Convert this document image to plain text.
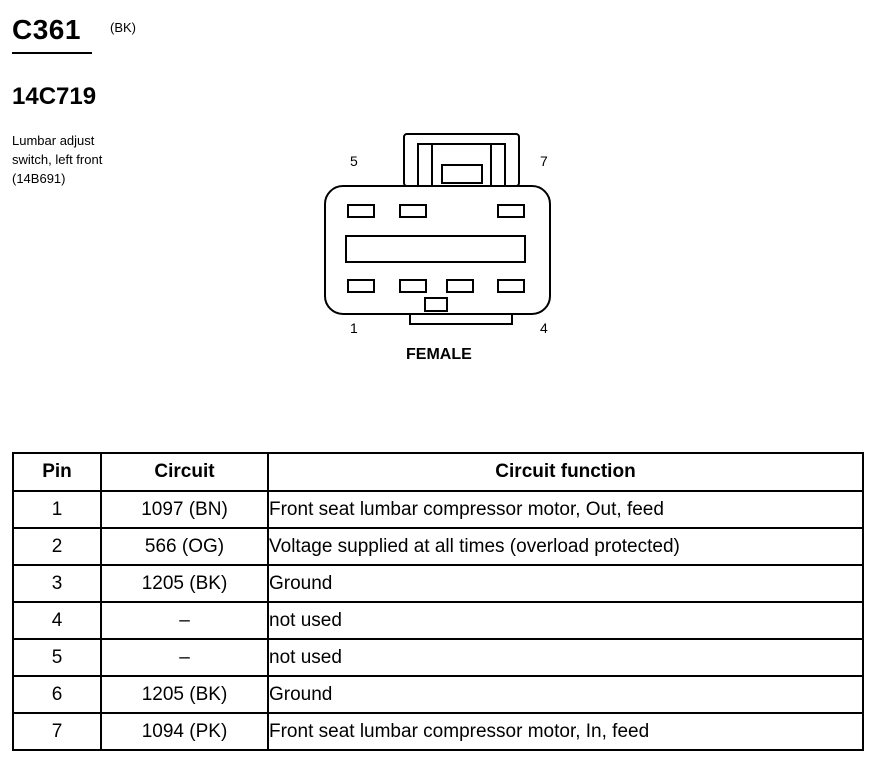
C361 (BK)
14C719
Lumbar adjust
switch, left front
(14B691)
5	7
1	4
FEMALE
Pin	Circuit	Circuit function
1	1097 (BN)	Front seat lumbar compressor motor, Out, feed
2	566 (OG)	Voltage supplied at all times (overload protected)
3	1205 (BK)	Ground
4	–	not used
5	–	not used
6	1205 (BK)	Ground
7	1094 (PK)	Front seat lumbar compressor motor, In, feed
